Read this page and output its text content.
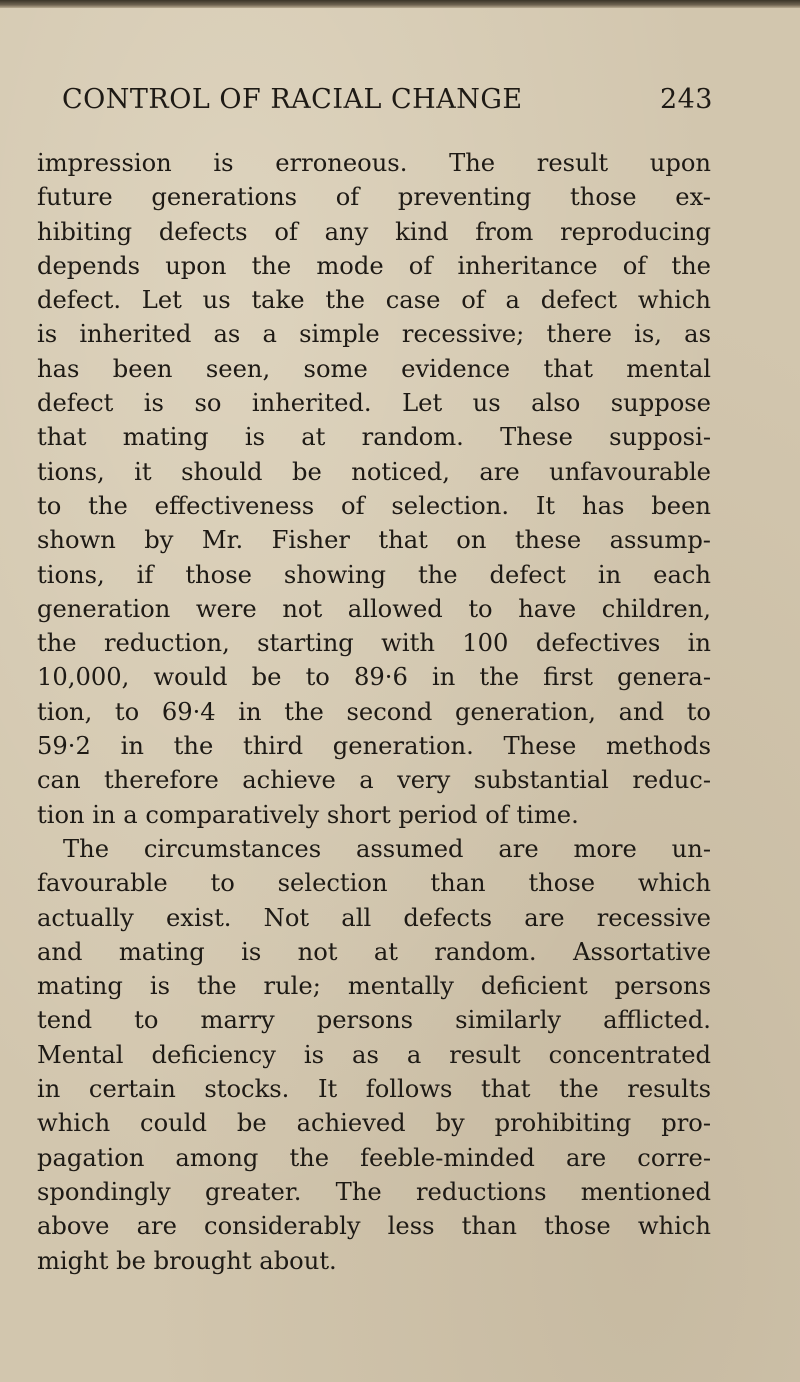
CONTROL OF RACIAL CHANGE	243
impression is erroneous. The result upon
future generations of preventing those ex-
hibiting defects of any kind from reproducing
depends upon the mode of inheritance of the
defect. Let us take the case of a defect which
is inherited as a simple recessive; there is, as
has been seen, some evidence that mental
defect is so inherited. Let us also suppose
that mating is at random. These supposi-
tions, it should be noticed, are unfavourable
to the effectiveness of selection. It has been
shown by Mr. Fisher that on these assump-
tions, if those showing the defect in each
generation were not allowed to have children,
the reduction, starting with 100 defectives in
10,000, would be to 89·6 in the first genera-
tion, to 69·4 in the second generation, and to
59·2 in the third generation. These methods
can therefore achieve a very substantial reduc-
tion in a comparatively short period of time.
The circumstances assumed are more un-
favourable to selection than those which
actually exist. Not all defects are recessive
and mating is not at random. Assortative
mating is the rule; mentally deficient persons
tend to marry persons similarly afflicted.
Mental deficiency is as a result concentrated
in certain stocks. It follows that the results
which could be achieved by prohibiting pro-
pagation among the feeble-minded are corre-
spondingly greater. The reductions mentioned
above are considerably less than those which
might be brought about.
